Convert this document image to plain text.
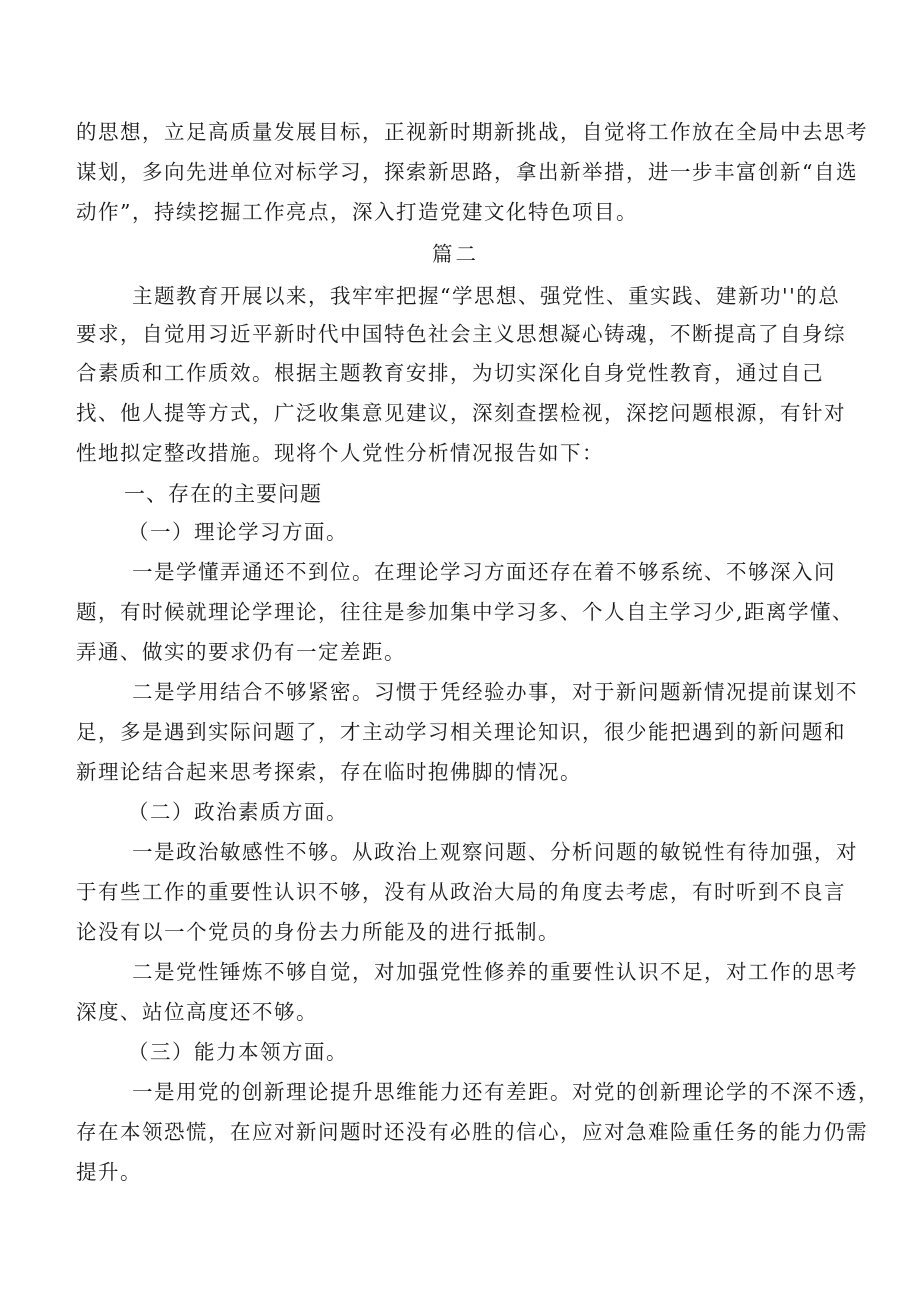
的思想，立足高质量发展目标，正视新时期新挑战，自觉将工作放在全局中去思考
谋划，多向先进单位对标学习，探索新思路，拿出新举措，进一步丰富创新“自选
动作”，持续挖掘工作亮点，深入打造党建文化特色项目。
篇二
主题教育开展以来，我牢牢把握“学思想、强党性、重实践、建新功''的总
要求，自觉用习近平新时代中国特色社会主义思想凝心铸魂，不断提高了自身综
合素质和工作质效。根据主题教育安排，为切实深化自身党性教育，通过自己
找、他人提等方式，广泛收集意见建议，深刻查摆检视，深挖问题根源，有针对
性地拟定整改措施。现将个人党性分析情况报告如下：
一、存在的主要问题
（一）理论学习方面。
一是学懂弄通还不到位。在理论学习方面还存在着不够系统、不够深入问
题，有时候就理论学理论，往往是参加集中学习多、个人自主学习少,距离学懂、
弄通、做实的要求仍有一定差距。
二是学用结合不够紧密。习惯于凭经验办事，对于新问题新情况提前谋划不
足，多是遇到实际问题了，才主动学习相关理论知识，很少能把遇到的新问题和
新理论结合起来思考探索，存在临时抱佛脚的情况。
（二）政治素质方面。
一是政治敏感性不够。从政治上观察问题、分析问题的敏锐性有待加强，对
于有些工作的重要性认识不够，没有从政治大局的角度去考虑，有时听到不良言
论没有以一个党员的身份去力所能及的进行抵制。
二是党性锤炼不够自觉，对加强党性修养的重要性认识不足，对工作的思考
深度、站位高度还不够。
（三）能力本领方面。
一是用党的创新理论提升思维能力还有差距。对党的创新理论学的不深不透，
存在本领恐慌，在应对新问题时还没有必胜的信心，应对急难险重任务的能力仍需
提升。
